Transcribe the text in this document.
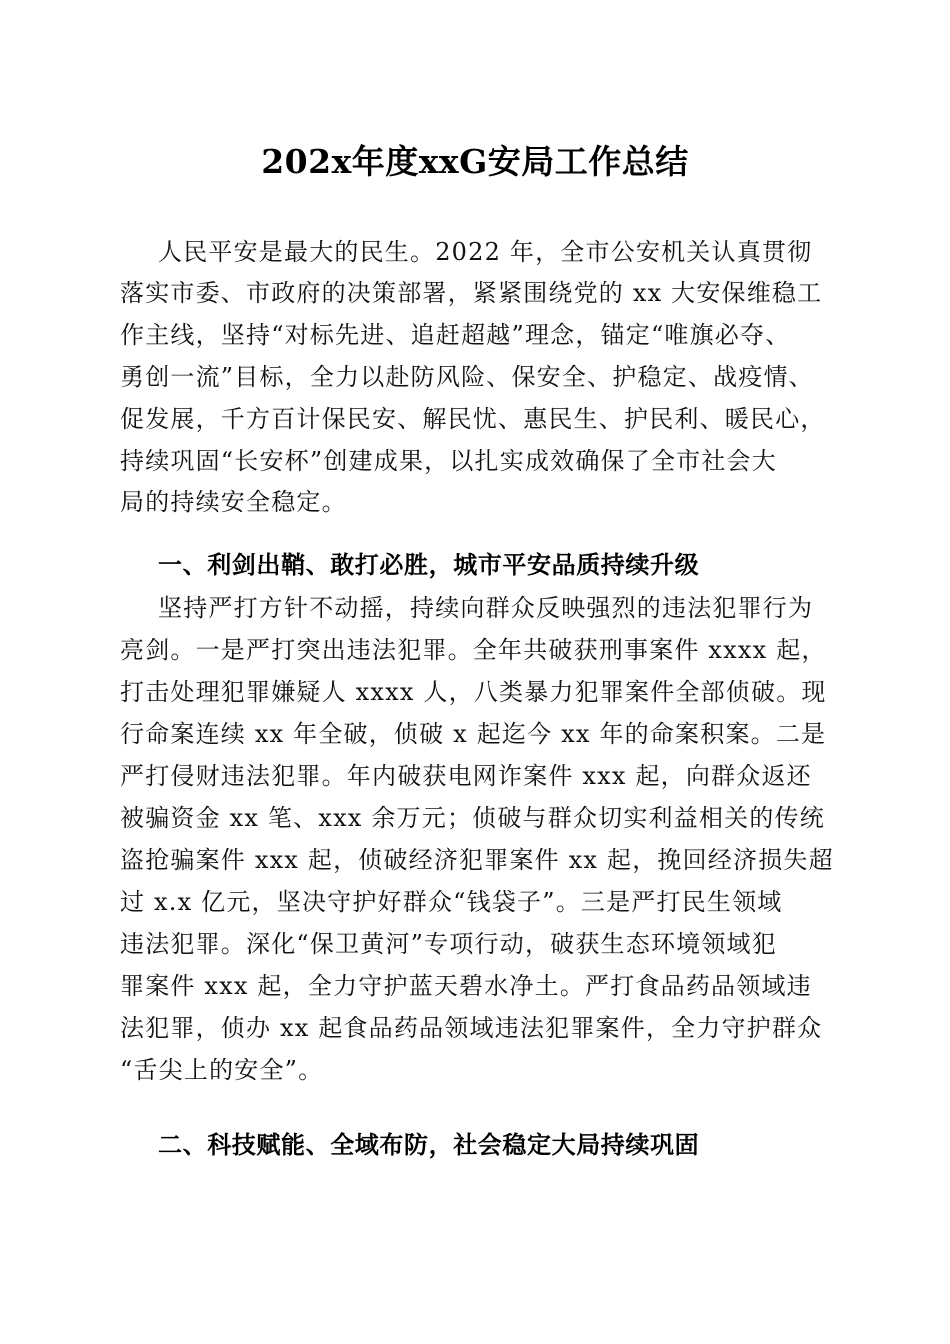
202x年度xxG安局工作总结
人民平安是最大的民生。2022 年，全市公安机关认真贯彻
落实市委、市政府的决策部署，紧紧围绕党的 xx 大安保维稳工
作主线，坚持“对标先进、追赶超越”理念，锚定“唯旗必夺、
勇创一流”目标，全力以赴防风险、保安全、护稳定、战疫情、
促发展，千方百计保民安、解民忧、惠民生、护民利、暖民心，
持续巩固“长安杯”创建成果，以扎实成效确保了全市社会大
局的持续安全稳定。
一、利剑出鞘、敢打必胜，城市平安品质持续升级
坚持严打方针不动摇，持续向群众反映强烈的违法犯罪行为
亮剑。一是严打突出违法犯罪。全年共破获刑事案件 xxxx 起，
打击处理犯罪嫌疑人 xxxx 人，八类暴力犯罪案件全部侦破。现
行命案连续 xx 年全破，侦破 x 起迄今 xx 年的命案积案。二是
严打侵财违法犯罪。年内破获电网诈案件 xxx 起，向群众返还
被骗资金 xx 笔、xxx 余万元；侦破与群众切实利益相关的传统
盗抢骗案件 xxx 起，侦破经济犯罪案件 xx 起，挽回经济损失超
过 x.x 亿元，坚决守护好群众“钱袋子”。三是严打民生领域
违法犯罪。深化“保卫黄河”专项行动，破获生态环境领域犯
罪案件 xxx 起，全力守护蓝天碧水净土。严打食品药品领域违
法犯罪，侦办 xx 起食品药品领域违法犯罪案件，全力守护群众
“舌尖上的安全”。
二、科技赋能、全域布防，社会稳定大局持续巩固
